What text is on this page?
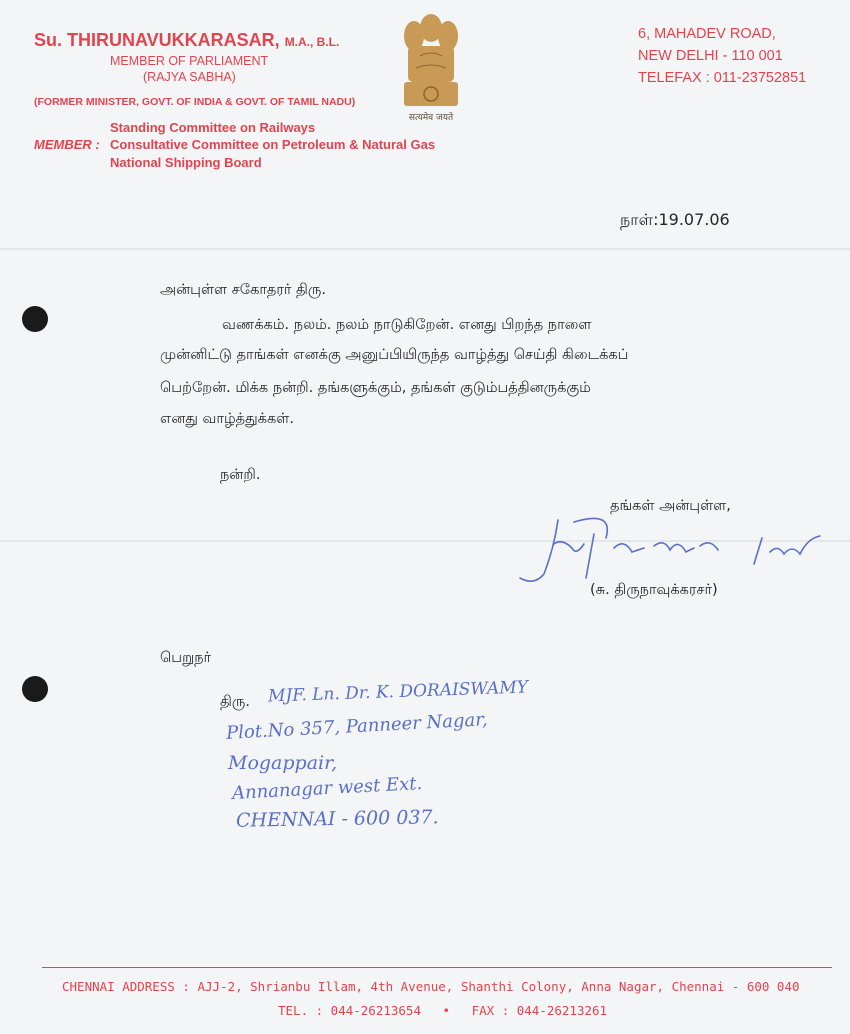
Su. THIRUNAVUKKARASAR, M.A., B.L.
MEMBER OF PARLIAMENT
(RAJYA SABHA)
(FORMER MINISTER, GOVT. OF INDIA & GOVT. OF TAMIL NADU)
Standing Committee on Railways
MEMBER : Consultative Committee on Petroleum & Natural Gas
National Shipping Board
सत्यमेव जयते
6, MAHADEV ROAD,
NEW DELHI - 110 001
TELEFAX : 011-23752851
நாள்:19.07.06
அன்புள்ள சகோதரர் திரு.
வணக்கம். நலம். நலம் நாடுகிறேன். எனது பிறந்த நாளை
முன்னிட்டு தாங்கள் எனக்கு அனுப்பியிருந்த வாழ்த்து செய்தி கிடைக்கப்
பெற்றேன். மிக்க நன்றி. தங்களுக்கும், தங்கள் குடும்பத்தினருக்கும்
எனது வாழ்த்துக்கள்.
நன்றி.
தங்கள் அன்புள்ள,
(சு. திருநாவுக்கரசர்)
பெறுநர்
திரு. MJF. Ln. Dr. K. DORAISWAMY
Plot.No 357, Panneer Nagar,
Mogappair,
Annanagar west Ext.
CHENNAI - 600 037.
CHENNAI ADDRESS : AJJ-2, Shrianbu Illam, 4th Avenue, Shanthi Colony, Anna Nagar, Chennai - 600 040
TEL. : 044-26213654 • FAX : 044-26213261
